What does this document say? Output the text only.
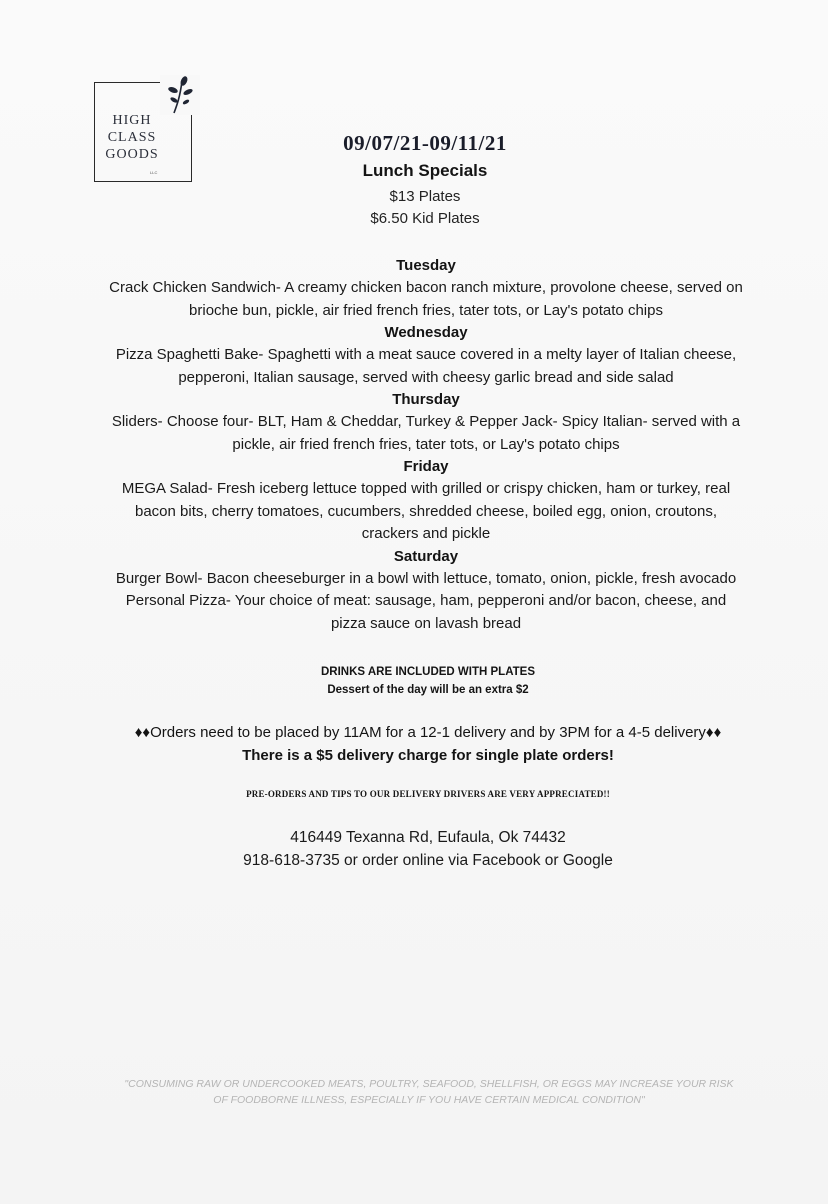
HIGH
CLASS
GOODS
LLC
09/07/21-09/11/21
Lunch Specials
$13 Plates
$6.50 Kid Plates
Tuesday
Crack Chicken Sandwich- A creamy chicken bacon ranch mixture, provolone cheese, served on
brioche bun, pickle, air fried french fries, tater tots, or Lay's potato chips
Wednesday
Pizza Spaghetti Bake- Spaghetti with a meat sauce covered in a melty layer of Italian cheese,
pepperoni, Italian sausage, served with cheesy garlic bread and side salad
Thursday
Sliders- Choose four- BLT, Ham & Cheddar, Turkey & Pepper Jack- Spicy Italian- served with a
pickle, air fried french fries, tater tots, or Lay's potato chips
Friday
MEGA Salad- Fresh iceberg lettuce topped with grilled or crispy chicken, ham or turkey, real
bacon bits, cherry tomatoes, cucumbers, shredded cheese, boiled egg, onion, croutons,
crackers and pickle
Saturday
Burger Bowl- Bacon cheeseburger in a bowl with lettuce, tomato, onion, pickle, fresh avocado
Personal Pizza- Your choice of meat: sausage, ham, pepperoni and/or bacon, cheese, and
pizza sauce on lavash bread
DRINKS ARE INCLUDED WITH PLATES
Dessert of the day will be an extra $2
♦♦Orders need to be placed by 11AM for a 12-1 delivery and by 3PM for a 4-5 delivery♦♦
There is a $5 delivery charge for single plate orders!
PRE-ORDERS AND TIPS TO OUR DELIVERY DRIVERS ARE VERY APPRECIATED!!
416449 Texanna Rd, Eufaula, Ok 74432
918-618-3735 or order online via Facebook or Google
"CONSUMING RAW OR UNDERCOOKED MEATS, POULTRY, SEAFOOD, SHELLFISH, OR EGGS MAY INCREASE YOUR RISK
OF FOODBORNE ILLNESS, ESPECIALLY IF YOU HAVE CERTAIN MEDICAL CONDITION"
